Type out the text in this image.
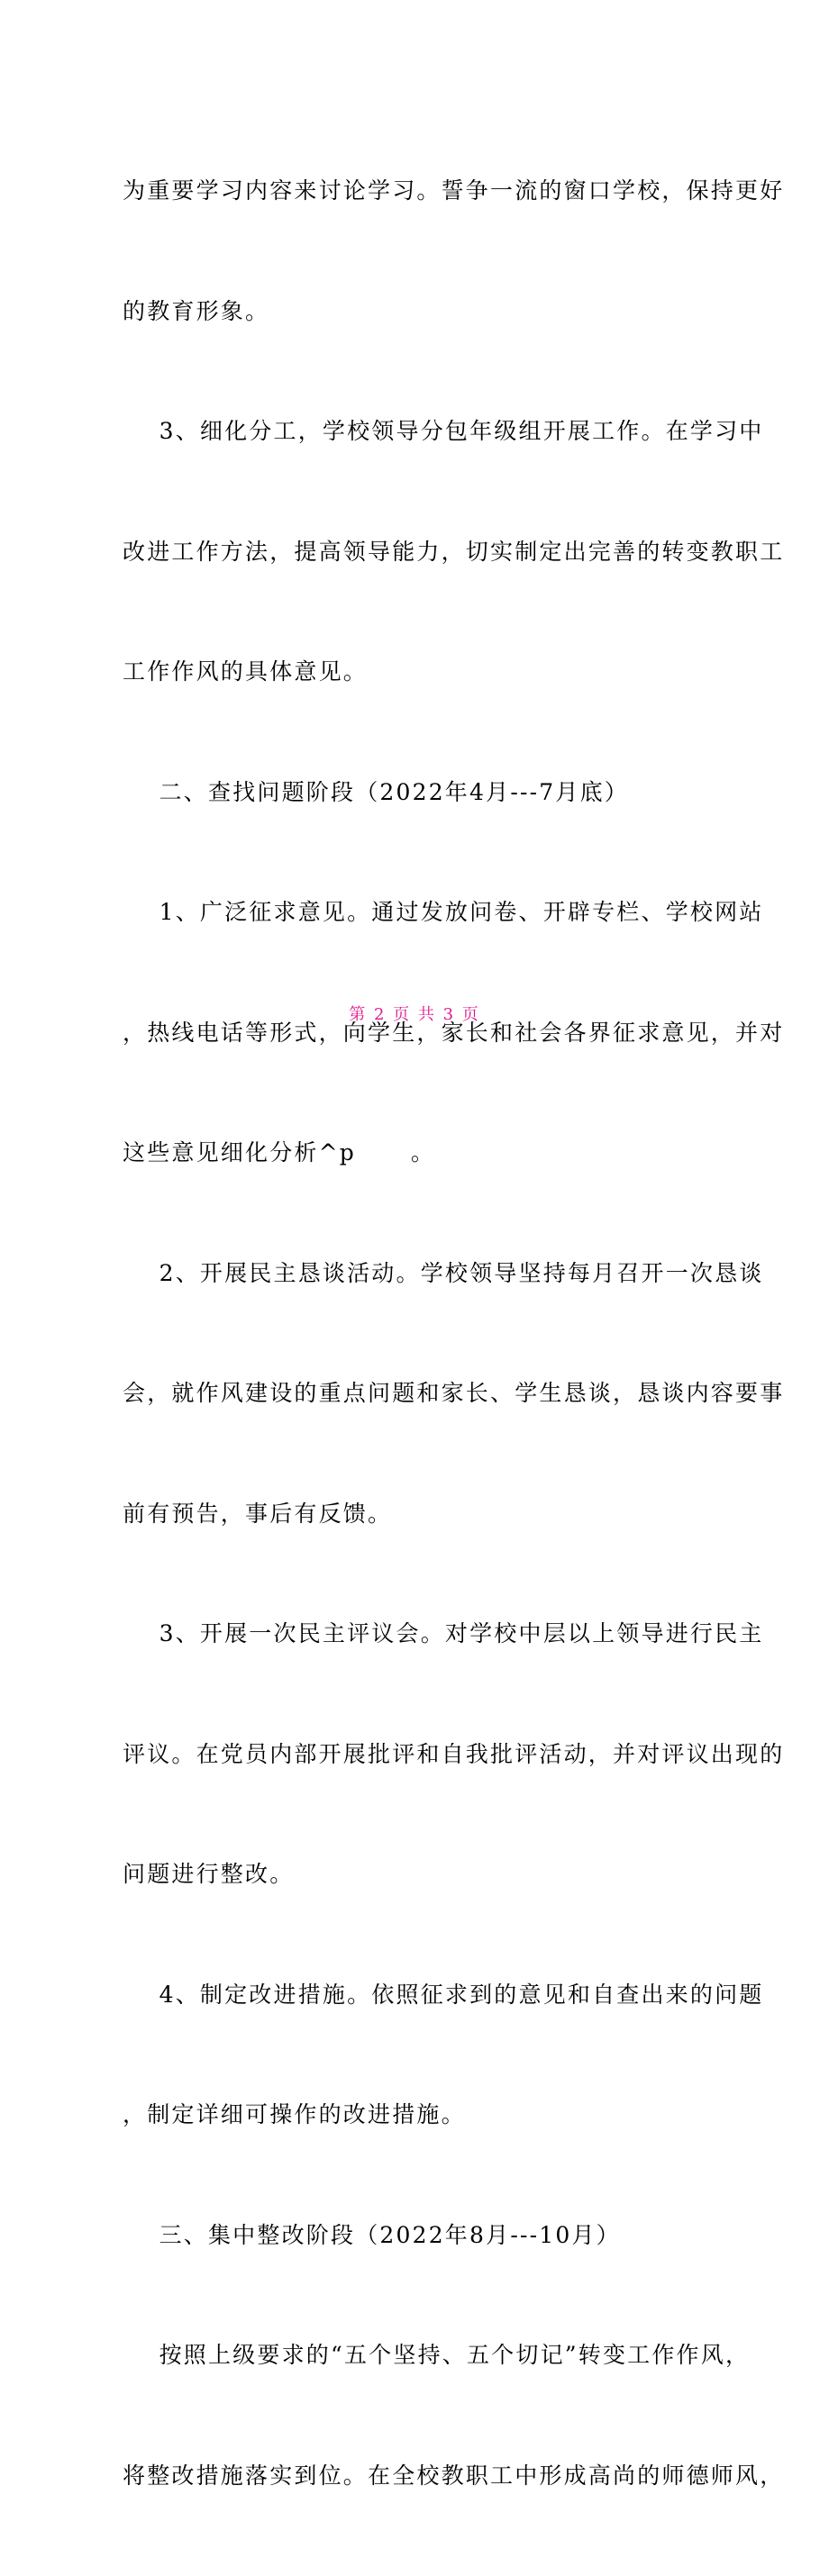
为重要学习内容来讨论学习。誓争一流的窗口学校，保持更好

的教育形象。

3、细化分工，学校领导分包年级组开展工作。在学习中

改进工作方法，提高领导能力，切实制定出完善的转变教职工

工作作风的具体意见。

二、查找问题阶段（2022年4月---7月底）

1、广泛征求意见。通过发放问卷、开辟专栏、学校网站

，热线电话等形式，向学生，家长和社会各界征求意见，并对

这些意见细化分析^p      。

2、开展民主恳谈活动。学校领导坚持每月召开一次恳谈

会，就作风建设的重点问题和家长、学生恳谈，恳谈内容要事

前有预告，事后有反馈。

3、开展一次民主评议会。对学校中层以上领导进行民主

评议。在党员内部开展批评和自我批评活动，并对评议出现的

问题进行整改。

4、制定改进措施。依照征求到的意见和自查出来的问题

，制定详细可操作的改进措施。

三、集中整改阶段（2022年8月---10月）

按照上级要求的“五个坚持、五个切记”转变工作作风，

将整改措施落实到位。在全校教职工中形成高尚的师德师风，

第 2 页 共 3 页
